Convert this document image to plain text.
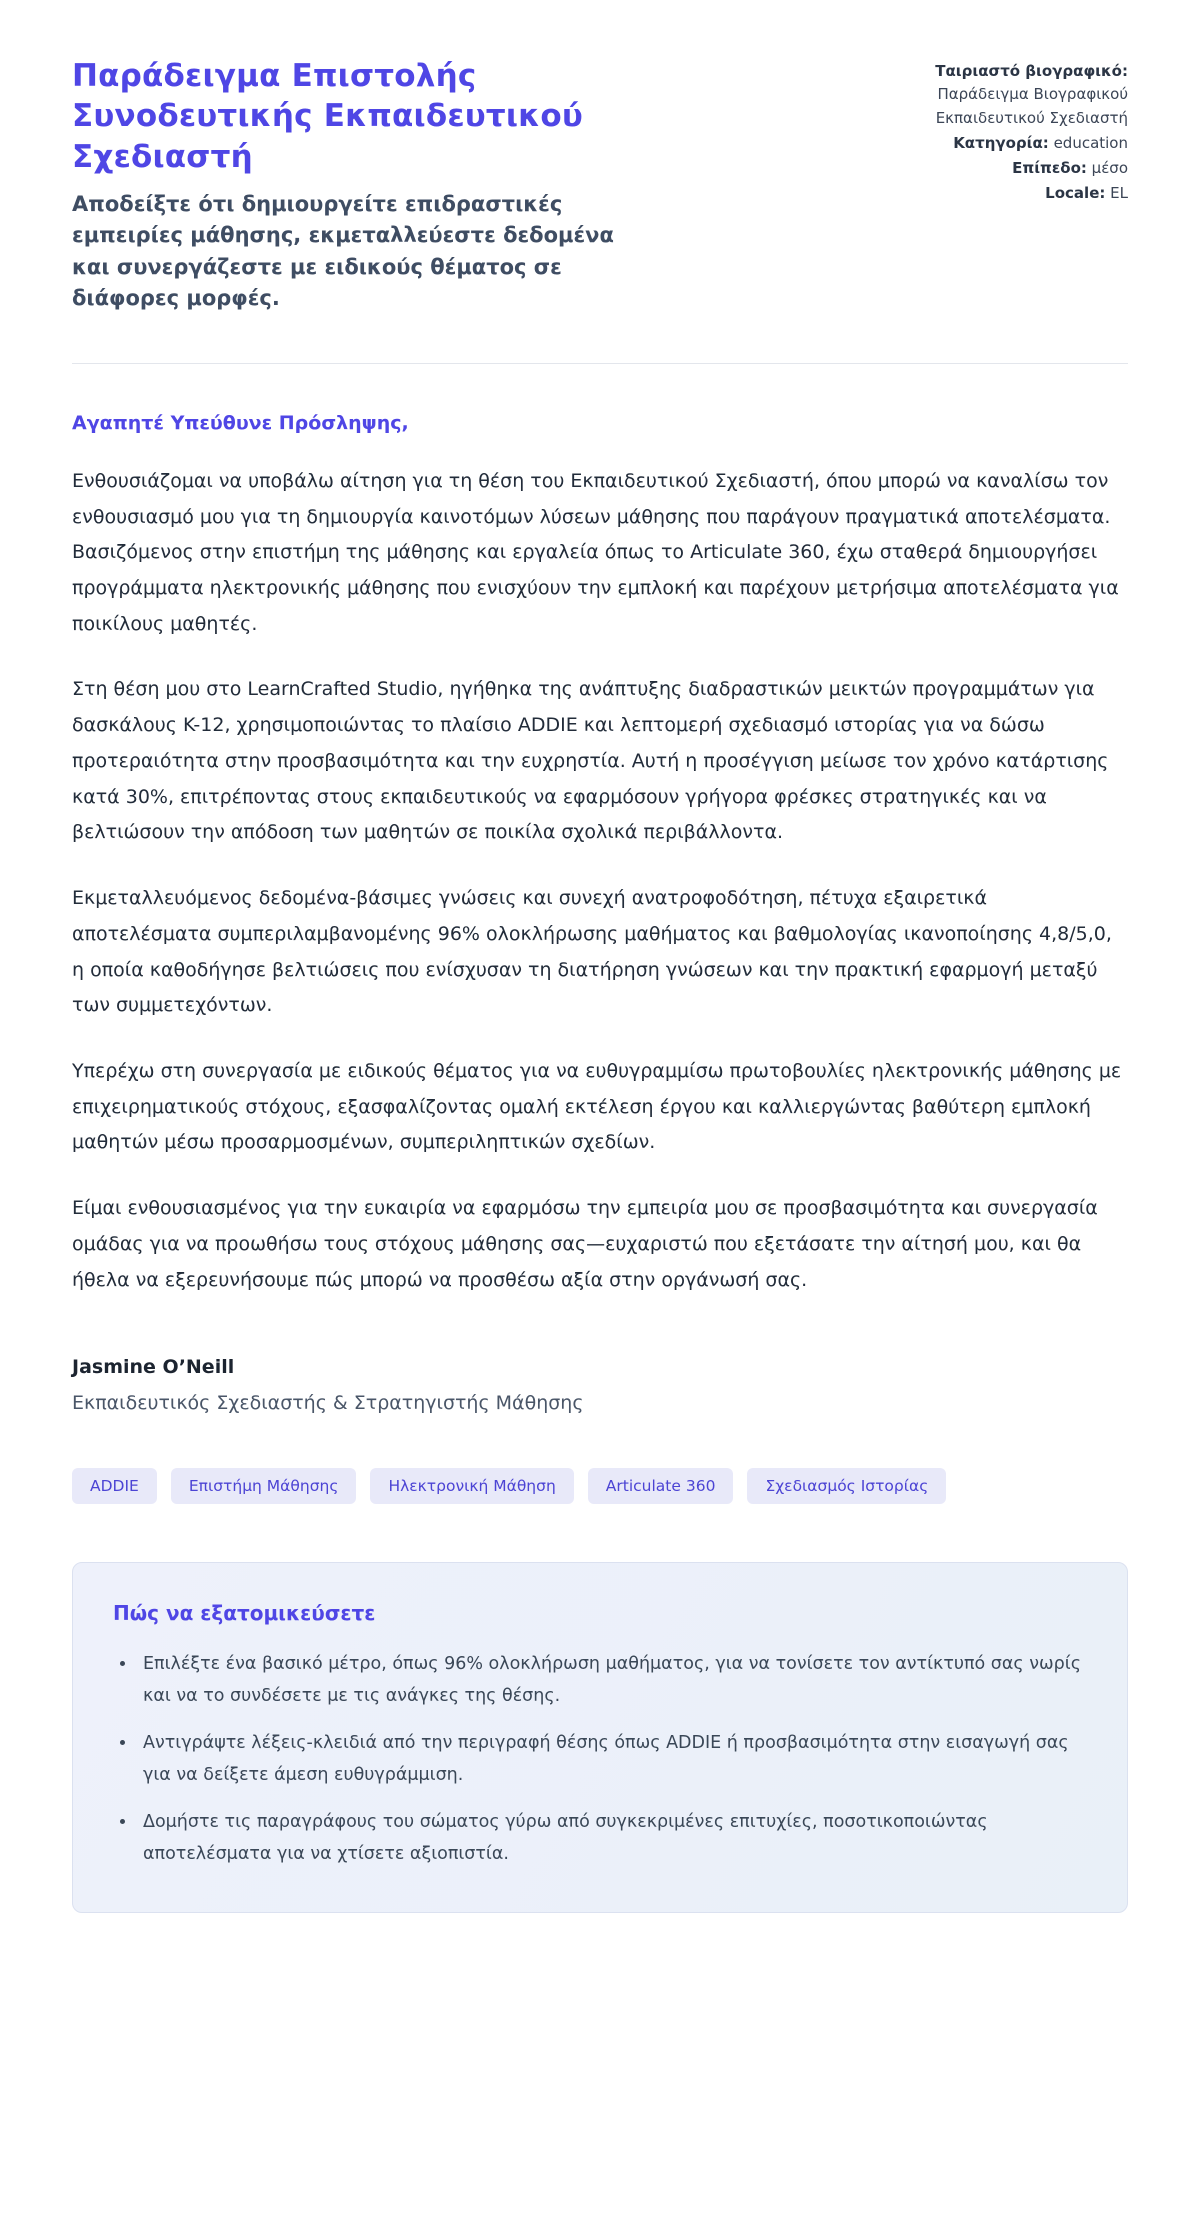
Παράδειγμα Επιστολής Συνοδευτικής Εκπαιδευτικού Σχεδιαστή

Αποδείξτε ότι δημιουργείτε επιδραστικές εμπειρίες μάθησης, εκμεταλλεύεστε δεδομένα και συνεργάζεστε με ειδικούς θέματος σε διάφορες μορφές.

Ταιριαστό βιογραφικό:
Παράδειγμα Βιογραφικού Εκπαιδευτικού Σχεδιαστή
Κατηγορία: education
Επίπεδο: μέσο
Locale: EL

Αγαπητέ Υπεύθυνε Πρόσληψης,

Ενθουσιάζομαι να υποβάλω αίτηση για τη θέση του Εκπαιδευτικού Σχεδιαστή, όπου μπορώ να καναλίσω τον ενθουσιασμό μου για τη δημιουργία καινοτόμων λύσεων μάθησης που παράγουν πραγματικά αποτελέσματα. Βασιζόμενος στην επιστήμη της μάθησης και εργαλεία όπως το Articulate 360, έχω σταθερά δημιουργήσει προγράμματα ηλεκτρονικής μάθησης που ενισχύουν την εμπλοκή και παρέχουν μετρήσιμα αποτελέσματα για ποικίλους μαθητές.

Στη θέση μου στο LearnCrafted Studio, ηγήθηκα της ανάπτυξης διαδραστικών μεικτών προγραμμάτων για δασκάλους K-12, χρησιμοποιώντας το πλαίσιο ADDIE και λεπτομερή σχεδιασμό ιστορίας για να δώσω προτεραιότητα στην προσβασιμότητα και την ευχρηστία. Αυτή η προσέγγιση μείωσε τον χρόνο κατάρτισης κατά 30%, επιτρέποντας στους εκπαιδευτικούς να εφαρμόσουν γρήγορα φρέσκες στρατηγικές και να βελτιώσουν την απόδοση των μαθητών σε ποικίλα σχολικά περιβάλλοντα.

Εκμεταλλευόμενος δεδομένα-βάσιμες γνώσεις και συνεχή ανατροφοδότηση, πέτυχα εξαιρετικά αποτελέσματα συμπεριλαμβανομένης 96% ολοκλήρωσης μαθήματος και βαθμολογίας ικανοποίησης 4,8/5,0, η οποία καθοδήγησε βελτιώσεις που ενίσχυσαν τη διατήρηση γνώσεων και την πρακτική εφαρμογή μεταξύ των συμμετεχόντων.

Υπερέχω στη συνεργασία με ειδικούς θέματος για να ευθυγραμμίσω πρωτοβουλίες ηλεκτρονικής μάθησης με επιχειρηματικούς στόχους, εξασφαλίζοντας ομαλή εκτέλεση έργου και καλλιεργώντας βαθύτερη εμπλοκή μαθητών μέσω προσαρμοσμένων, συμπεριληπτικών σχεδίων.

Είμαι ενθουσιασμένος για την ευκαιρία να εφαρμόσω την εμπειρία μου σε προσβασιμότητα και συνεργασία ομάδας για να προωθήσω τους στόχους μάθησης σας—ευχαριστώ που εξετάσατε την αίτησή μου, και θα ήθελα να εξερευνήσουμε πώς μπορώ να προσθέσω αξία στην οργάνωσή σας.

Jasmine O’Neill

Εκπαιδευτικός Σχεδιαστής & Στρατηγιστής Μάθησης

ADDIE	Επιστήμη Μάθησης	Ηλεκτρονική Μάθηση	Articulate 360	Σχεδιασμός Ιστορίας
Πώς να εξατομικεύσετε
• Επιλέξτε ένα βασικό μέτρο, όπως 96% ολοκλήρωση μαθήματος, για να τονίσετε τον αντίκτυπό σας νωρίς και να το συνδέσετε με τις ανάγκες της θέσης.
• Αντιγράψτε λέξεις-κλειδιά από την περιγραφή θέσης όπως ADDIE ή προσβασιμότητα στην εισαγωγή σας για να δείξετε άμεση ευθυγράμμιση.
• Δομήστε τις παραγράφους του σώματος γύρω από συγκεκριμένες επιτυχίες, ποσοτικοποιώντας αποτελέσματα για να χτίσετε αξιοπιστία.
